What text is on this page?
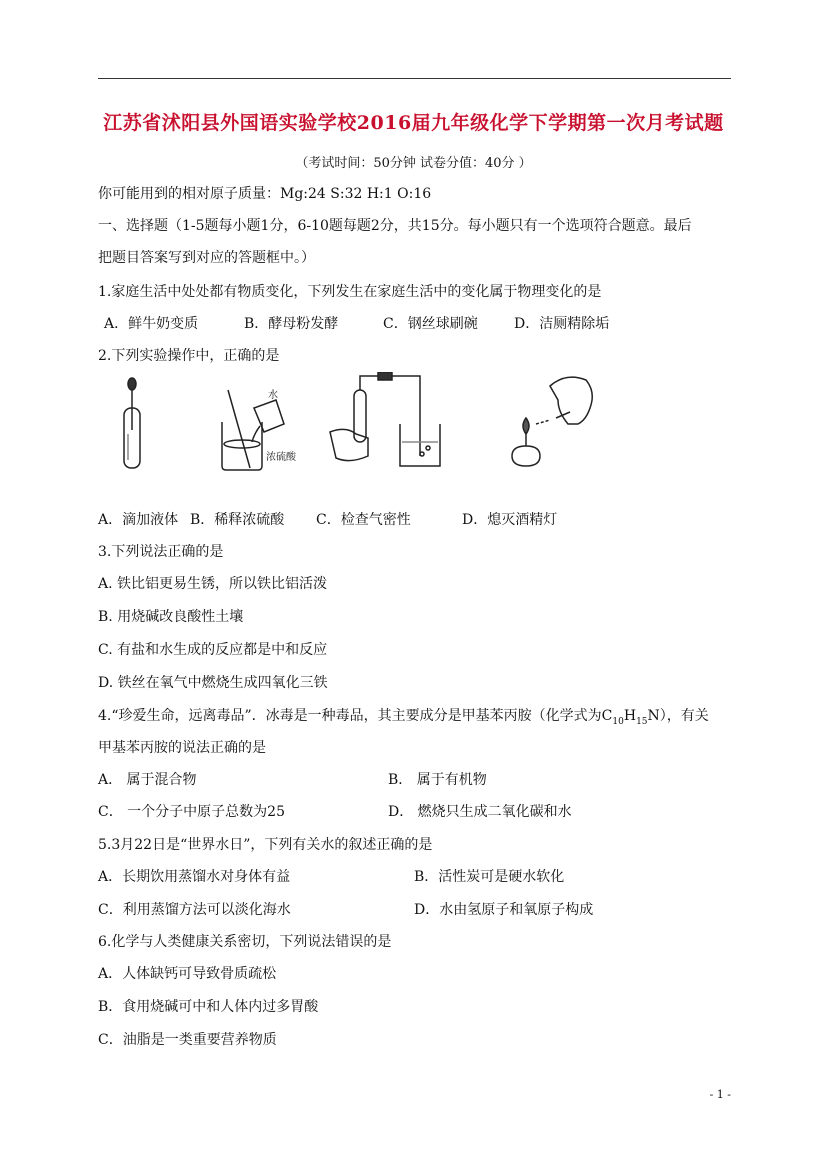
江苏省沭阳县外国语实验学校2016届九年级化学下学期第一次月考试题
（考试时间：50分钟 试卷分值：40分 ）
你可能用到的相对原子质量：Mg:24 S:32 H:1 O:16
一、选择题（1-5题每小题1分，6-10题每题2分，共15分。每小题只有一个选项符合题意。最后
把题目答案写到对应的答题框中。）
1.家庭生活中处处都有物质变化，下列发生在家庭生活中的变化属于物理变化的是
A．鲜牛奶变质	B．酵母粉发酵	C．钢丝球刷碗	D．洁厕精除垢
2.下列实验操作中，正确的是
水
浓硫酸
A．滴加液体 B．稀释浓硫酸 C．检查气密性	D．熄灭酒精灯
3.下列说法正确的是
A. 铁比铝更易生锈，所以铁比铝活泼
B. 用烧碱改良酸性土壤
C. 有盐和水生成的反应都是中和反应
D. 铁丝在氧气中燃烧生成四氧化三铁
4.“珍爱生命，远离毒品”．冰毒是一种毒品，其主要成分是甲基苯丙胺（化学式为$C_{10}H_{15}N$），有关
甲基苯丙胺的说法正确的是
A． 属于混合物	B． 属于有机物
C． 一个分子中原子总数为25	D． 燃烧只生成二氧化碳和水
5.3月22日是“世界水日”，下列有关水的叙述正确的是
A．长期饮用蒸馏水对身体有益	B．活性炭可是硬水软化
C．利用蒸馏方法可以淡化海水	D．水由氢原子和氧原子构成
6.化学与人类健康关系密切，下列说法错误的是
A．人体缺钙可导致骨质疏松
B．食用烧碱可中和人体内过多胃酸
C．油脂是一类重要营养物质
- 1 -
